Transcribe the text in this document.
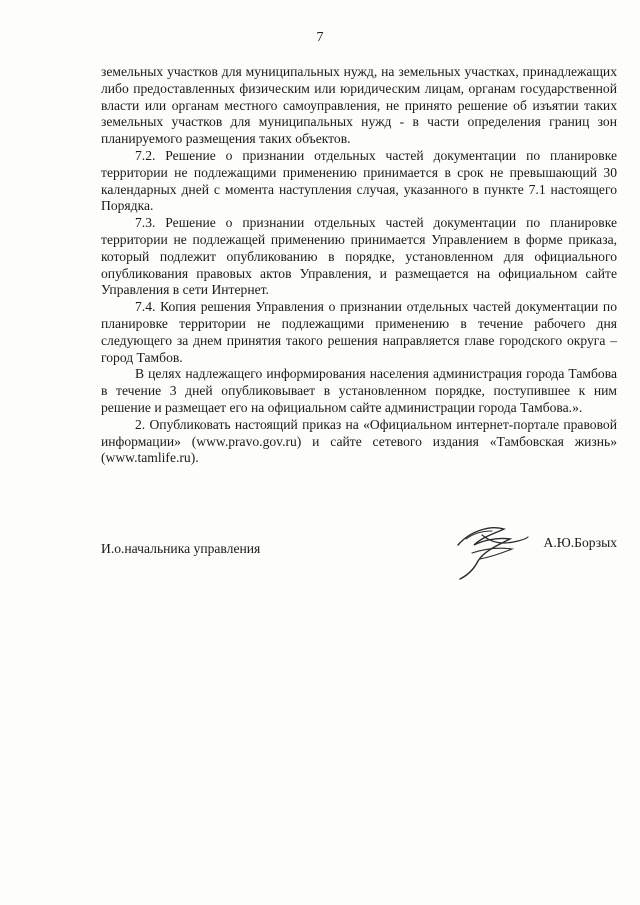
7

земельных участков для муниципальных нужд, на земельных участках, принадлежащих либо предоставленных физическим или юридическим лицам, органам государственной власти или органам местного самоуправления, не принято решение об изъятии таких земельных участков для муниципальных нужд - в части определения границ зон планируемого размещения таких объектов.

7.2. Решение о признании отдельных частей документации по планировке территории не подлежащими применению принимается в срок не превышающий 30 календарных дней с момента наступления случая, указанного в пункте 7.1 настоящего Порядка.

7.3. Решение о признании отдельных частей документации по планировке территории не подлежащей применению принимается Управлением в форме приказа, который подлежит опубликованию в порядке, установленном для официального опубликования правовых актов Управления, и размещается на официальном сайте Управления в сети Интернет.

7.4. Копия решения Управления о признании отдельных частей документации по планировке территории не подлежащими применению в течение рабочего дня следующего за днем принятия такого решения направляется главе городского округа – город Тамбов.

В целях надлежащего информирования населения администрация города Тамбова в течение 3 дней опубликовывает в установленном порядке, поступившее к ним решение и размещает его на официальном сайте администрации города Тамбова.».

2. Опубликовать настоящий приказ на «Официальном интернет-портале правовой информации» (www.pravo.gov.ru) и сайте сетевого издания «Тамбовская жизнь» (www.tamlife.ru).

И.о.начальника управления	А.Ю.Борзых
